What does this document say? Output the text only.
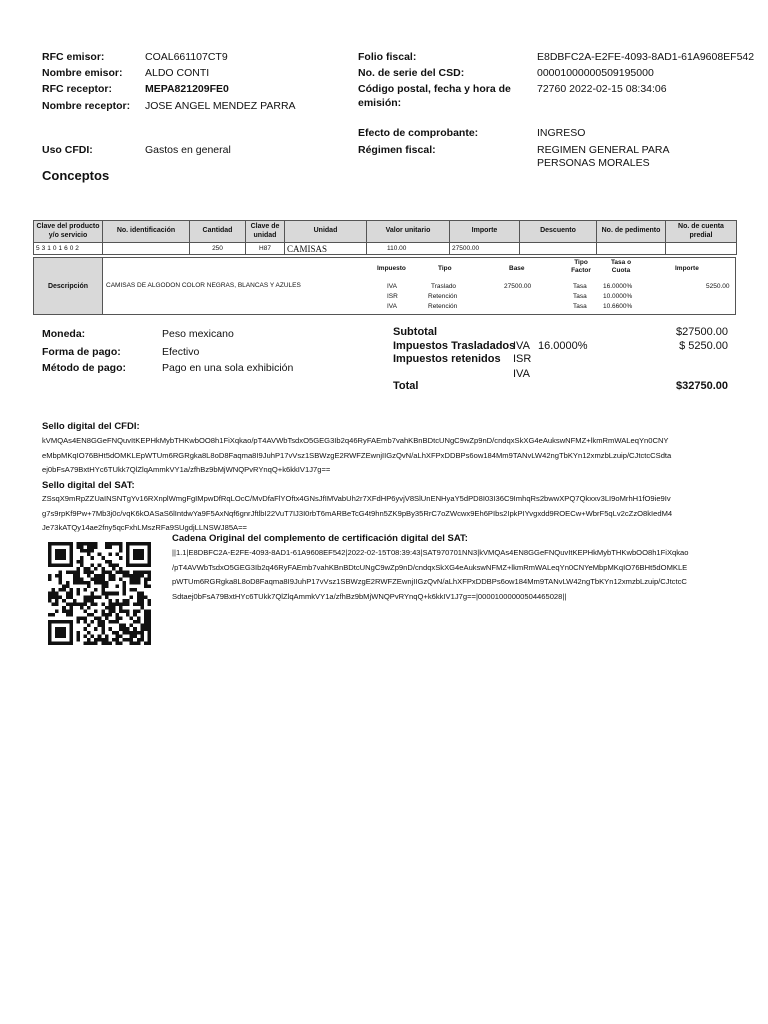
RFC emisor:	COAL661107CT9
Nombre emisor: ALDO CONTI
RFC receptor:	MEPA821209FE0
Nombre receptor: JOSE ANGEL MENDEZ PARRA
Uso CFDI:	Gastos en general
Folio fiscal:	E8DBFC2A-E2FE-4093-8AD1-61A9608EF542
No. de serie del CSD:	00001000000509195000
Código postal, fecha y hora de
emisión:
72760 2022-02-15 08:34:06
Efecto de comprobante:	INGRESO
Régimen fiscal:	REGIMEN GENERAL PARA
PERSONAS MORALES
Conceptos
Clave del producto
y/o servicio	No. identificación	Cantidad	Clave de
unidad	Unidad	Valor unitario	Importe	Descuento	No. de pedimento	No. de cuenta predial
53101602		250	H87	CAMISAS	110.00	27500.00			
Descripción	CAMISAS DE ALGODON COLOR NEGRAS, BLANCAS Y AZULES
Impuesto	Tipo	Base
Tipo
Factor
Tasa o
Cuota	Importe
IVA	Traslado	27500.00	Tasa	16.0000%	5250.00
ISR	Retención	Tasa	10.0000%
IVA	Retención	Tasa	10.6600%
Moneda:	Peso mexicano
Forma de pago:	Efectivo
Método de pago:	Pago en una sola exhibición
Subtotal	$27500.00
Impuestos Trasladados
IVA 16.0000%	$ 5250.00
Impuestos retenidos ISR
IVA
Total	$32750.00
Sello digital del CFDI:
kVMQAs4EN8GGeFNQuvItKEPHkMybTHKwbOO8h1FiXqkao/pT4AVWbTsdxO5GEG3Ib2q46RyFAEmb7vahKBnBDtcUNgC9wZp9nD/cndqxSkXG4eAukswNFMZ+lkmRmWALeqYn0CNY
eMbpMKqIO76BHt5dOMKLEpWTUm6RGRgka8L8oD8Faqma8I9JuhP17vVsz1SBWzgE2RWFZEwnjIIGzQvN/aLhXFPxDDBPs6ow184Mm9TANvLW42ngTbKYn12xmzbLzuip/CJtctcCSdta
ej0bFsA79BxtHYc6TUkk7QlZlqAmmkVY1a/zfhBz9bMjWNQPvRYnqQ+k6kkIV1J7g==
Sello digital del SAT:
ZSsqX9mRpZZUaINSNTgYv16RXnplWmgFgIMpwDfRqLOcC/MvDfaFlYOftx4GNsJfIMVabUh2r7XFdHP6yvjV8SlUnENHyaY5dPD8I03I36C9ImhqRs2bwwXPQ7Qkxxv3LI9oMrhH1fO9ie9Iv
g7s9rpKf9Pw+7Mb3j0c/vqK6kOASaS6lIntdwYa9F5AxNqf6gnrJftlbI22VuT7IJ3I0rbT6mARBeTcG4t9hn5ZK9pBy35RrC7oZWcwx9Eh6PIbs2IpkPIYvgxdd9ROECw+WbrF5qLv2cZzO8kIedM4
Je73kATQy14ae2fny5qcFxhLMszRFa9SUgdjLLNSWJ85A==
Cadena Original del complemento de certificación digital del SAT:
||1.1|E8DBFC2A-E2FE-4093-8AD1-61A9608EF542|2022-02-15T08:39:43|SAT970701NN3|kVMQAs4EN8GGeFNQuvItKEPHkMybTHKwbOO8h1FiXqkao
/pT4AVWbTsdxO5GEG3Ib2q46RyFAEmb7vahKBnBDtcUNgC9wZp9nD/cndqxSkXG4eAukswNFMZ+lkmRmWALeqYn0CNYeMbpMKqIO76BHt5dOMKLE
pWTUm6RGRgka8L8oD8Faqma8I9JuhP17vVsz1SBWzgE2RWFZEwnjIIGzQvN/aLhXFPxDDBPs6ow184Mm9TANvLW42ngTbKYn12xmzbLzuip/CJtctcC
Sdtaej0bFsA79BxtHYc6TUkk7QlZlqAmmkVY1a/zfhBz9bMjWNQPvRYnqQ+k6kkIV1J7g==|00001000000504465028||
